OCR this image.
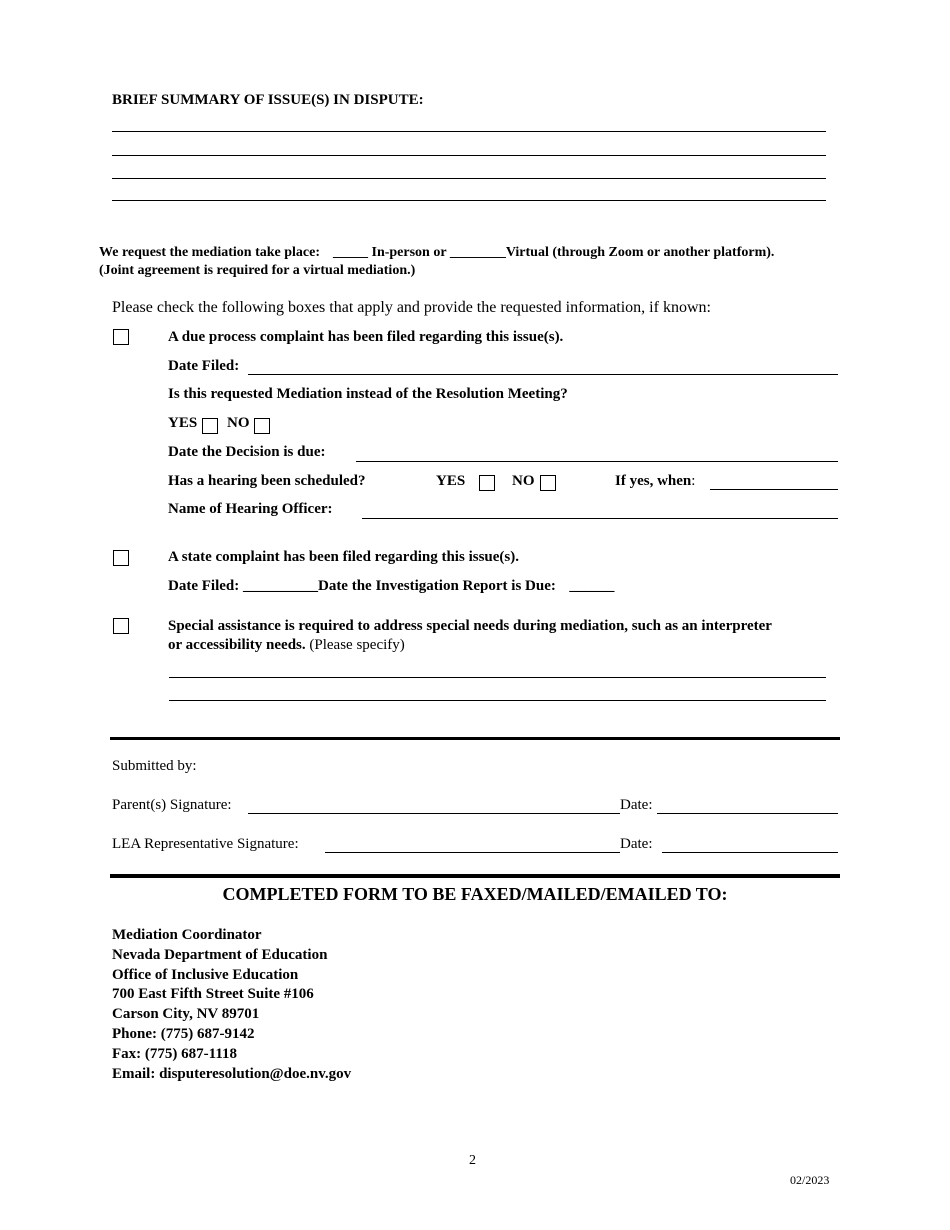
BRIEF SUMMARY OF ISSUE(S) IN DISPUTE:
We request the mediation take place: _____ In-person or ________Virtual (through Zoom or another platform).
(Joint agreement is required for a virtual mediation.)
Please check the following boxes that apply and provide the requested information, if known:
A due process complaint has been filed regarding this issue(s).
Date Filed:
Is this requested Mediation instead of the Resolution Meeting?
YES NO
Date the Decision is due:
Has a hearing been scheduled?	YES	NO	If yes, when:
Name of Hearing Officer:
A state complaint has been filed regarding this issue(s).
Date Filed: __________Date the Investigation Report is Due: ______
Special assistance is required to address special needs during mediation, such as an interpreter
or accessibility needs. (Please specify)
Submitted by:
Parent(s) Signature:	Date:
LEA Representative Signature:	Date:
COMPLETED FORM TO BE FAXED/MAILED/EMAILED TO:
Mediation Coordinator
Nevada Department of Education
Office of Inclusive Education
700 East Fifth Street Suite #106
Carson City, NV 89701
Phone: (775) 687-9142
Fax: (775) 687-1118
Email: disputeresolution@doe.nv.gov
2
02/2023
